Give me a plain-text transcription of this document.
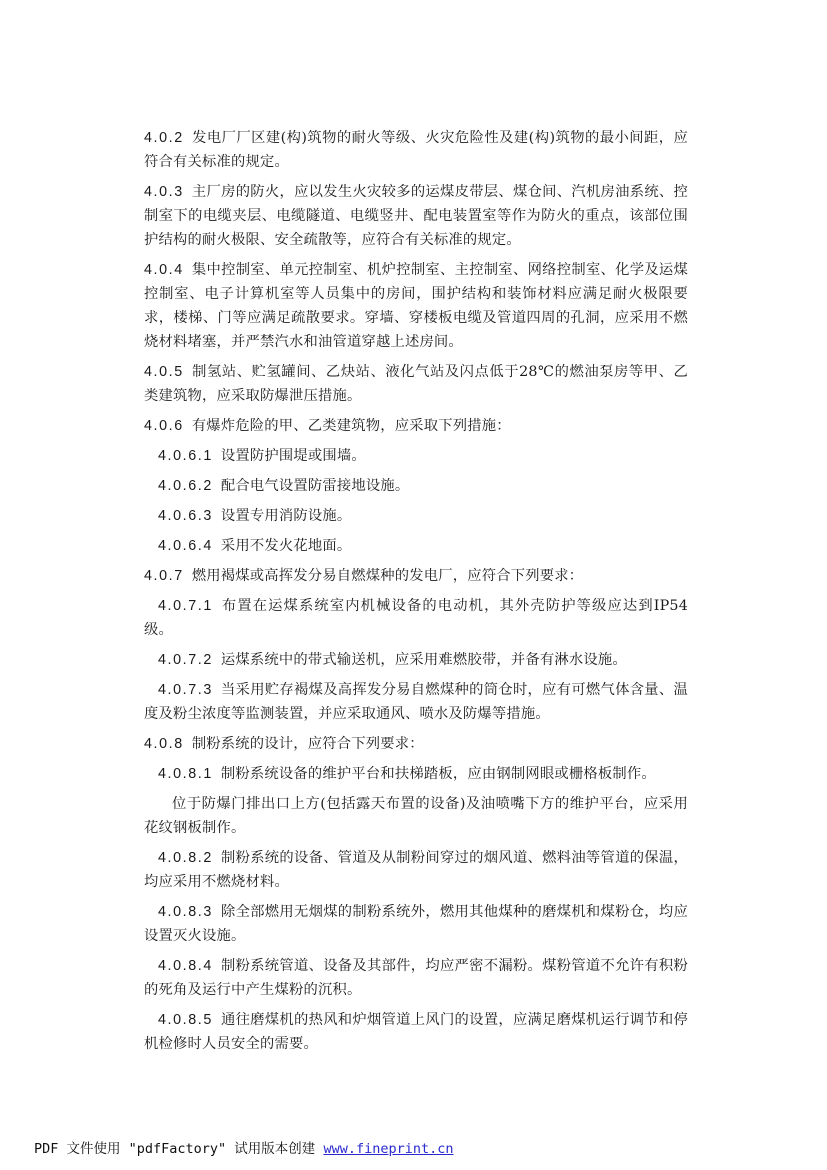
4.0.2 发电厂厂区建(构)筑物的耐火等级、火灾危险性及建(构)筑物的最小间距，应符合有关标准的规定。

4.0.3 主厂房的防火，应以发生火灾较多的运煤皮带层、煤仓间、汽机房油系统、控制室下的电缆夹层、电缆隧道、电缆竖井、配电装置室等作为防火的重点，该部位围护结构的耐火极限、安全疏散等，应符合有关标准的规定。

4.0.4 集中控制室、单元控制室、机炉控制室、主控制室、网络控制室、化学及运煤控制室、电子计算机室等人员集中的房间，围护结构和装饰材料应满足耐火极限要求，楼梯、门等应满足疏散要求。穿墙、穿楼板电缆及管道四周的孔洞，应采用不燃烧材料堵塞，并严禁汽水和油管道穿越上述房间。

4.0.5 制氢站、贮氢罐间、乙炔站、液化气站及闪点低于28℃的燃油泵房等甲、乙类建筑物，应采取防爆泄压措施。

4.0.6 有爆炸危险的甲、乙类建筑物，应采取下列措施：

4.0.6.1 设置防护围堤或围墙。

4.0.6.2 配合电气设置防雷接地设施。

4.0.6.3 设置专用消防设施。

4.0.6.4 采用不发火花地面。

4.0.7 燃用褐煤或高挥发分易自燃煤种的发电厂，应符合下列要求：

4.0.7.1 布置在运煤系统室内机械设备的电动机，其外壳防护等级应达到IP54级。

4.0.7.2 运煤系统中的带式输送机，应采用难燃胶带，并备有淋水设施。

4.0.7.3 当采用贮存褐煤及高挥发分易自燃煤种的筒仓时，应有可燃气体含量、温度及粉尘浓度等监测装置，并应采取通风、喷水及防爆等措施。

4.0.8 制粉系统的设计，应符合下列要求：

4.0.8.1 制粉系统设备的维护平台和扶梯踏板，应由钢制网眼或栅格板制作。

位于防爆门排出口上方(包括露天布置的设备)及油喷嘴下方的维护平台，应采用花纹钢板制作。

4.0.8.2 制粉系统的设备、管道及从制粉间穿过的烟风道、燃料油等管道的保温，均应采用不燃烧材料。

4.0.8.3 除全部燃用无烟煤的制粉系统外，燃用其他煤种的磨煤机和煤粉仓，均应设置灭火设施。

4.0.8.4 制粉系统管道、设备及其部件，均应严密不漏粉。煤粉管道不允许有积粉的死角及运行中产生煤粉的沉积。

4.0.8.5 通往磨煤机的热风和炉烟管道上风门的设置，应满足磨煤机运行调节和停机检修时人员安全的需要。

PDF 文件使用 "pdfFactory" 试用版本创建 www.fineprint.cn
